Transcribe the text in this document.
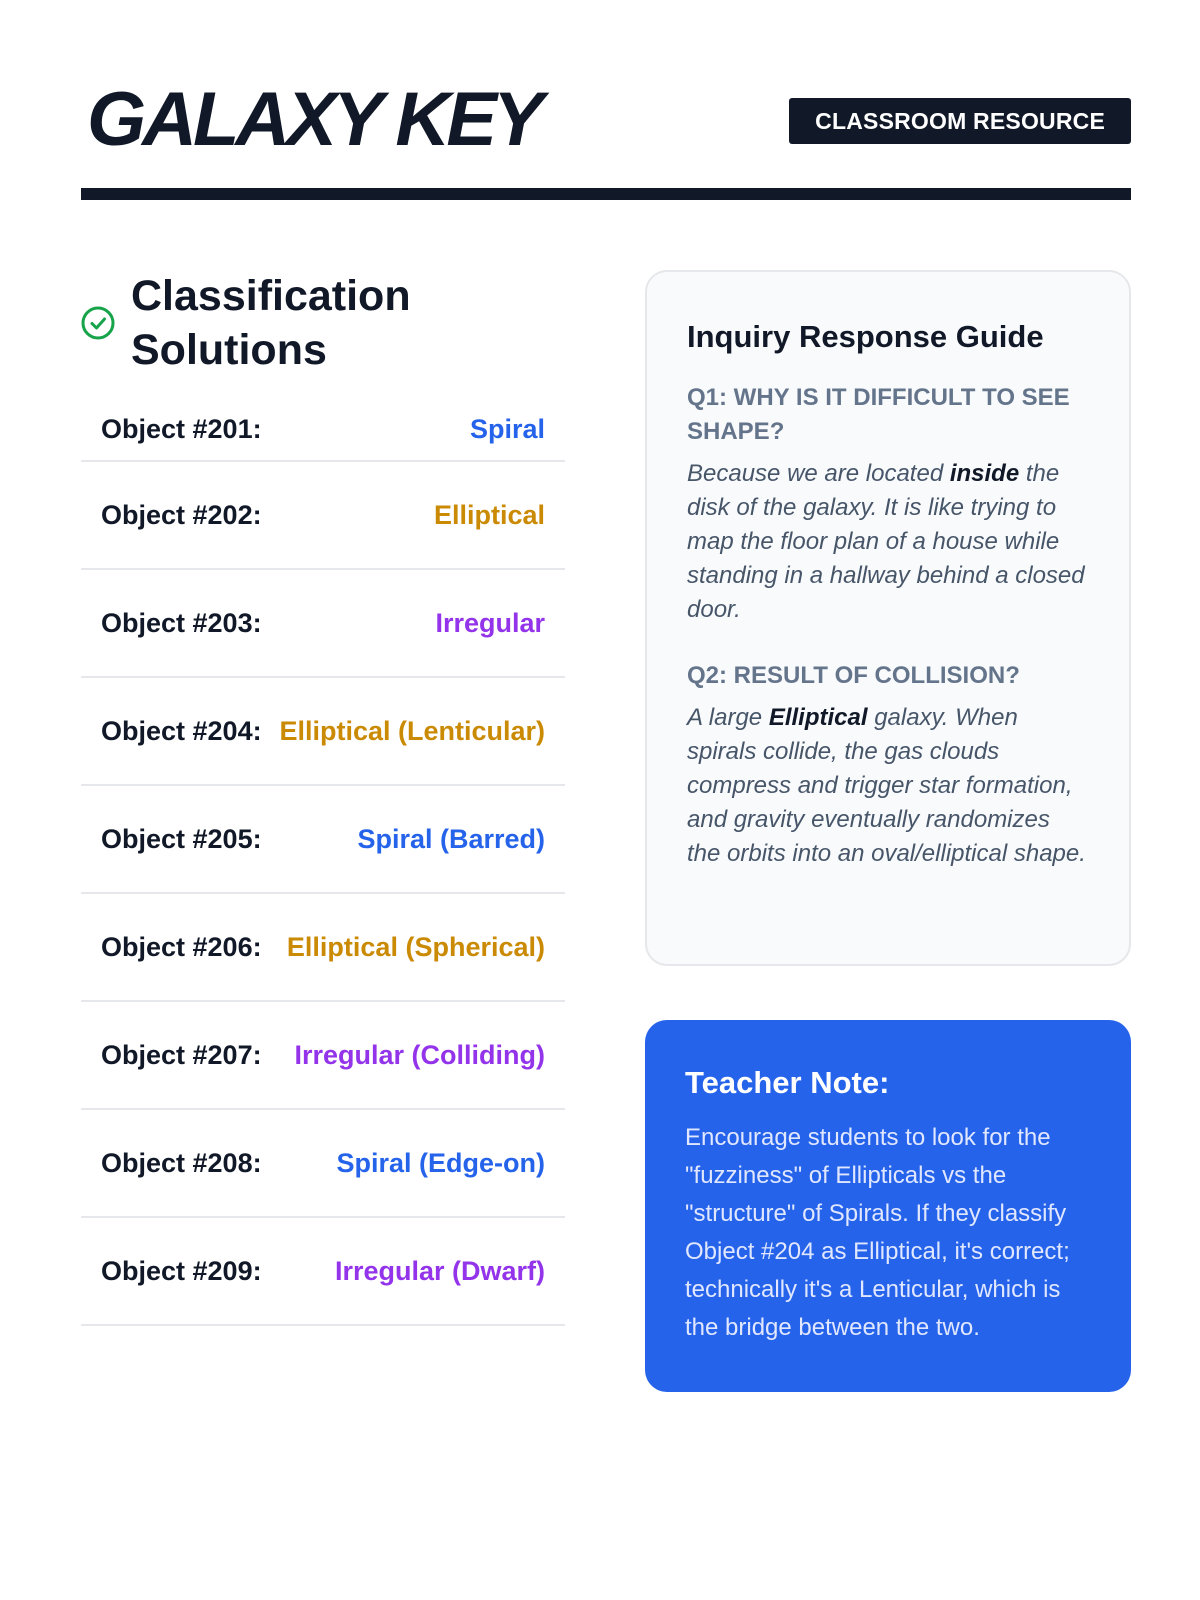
GALAXY KEY	CLASSROOM RESOURCE
Classification Solutions
Object #201:	Spiral
Object #202:	Elliptical
Object #203:	Irregular
Object #204: Elliptical (Lenticular)
Object #205:	Spiral (Barred)
Object #206: Elliptical (Spherical)
Object #207: Irregular (Colliding)
Object #208:	Spiral (Edge-on)
Object #209:	Irregular (Dwarf)
Inquiry Response Guide
Q1: WHY IS IT DIFFICULT TO SEE SHAPE?

Because we are located inside the disk of the galaxy. It is like trying to map the floor plan of a house while standing in a hallway behind a closed door.

Q2: RESULT OF COLLISION?

A large Elliptical galaxy. When spirals collide, the gas clouds compress and trigger star formation, and gravity eventually randomizes the orbits into an oval/elliptical shape.

Teacher Note:

Encourage students to look for the "fuzziness" of Ellipticals vs the "structure" of Spirals. If they classify Object #204 as Elliptical, it's correct; technically it's a Lenticular, which is the bridge between the two.
